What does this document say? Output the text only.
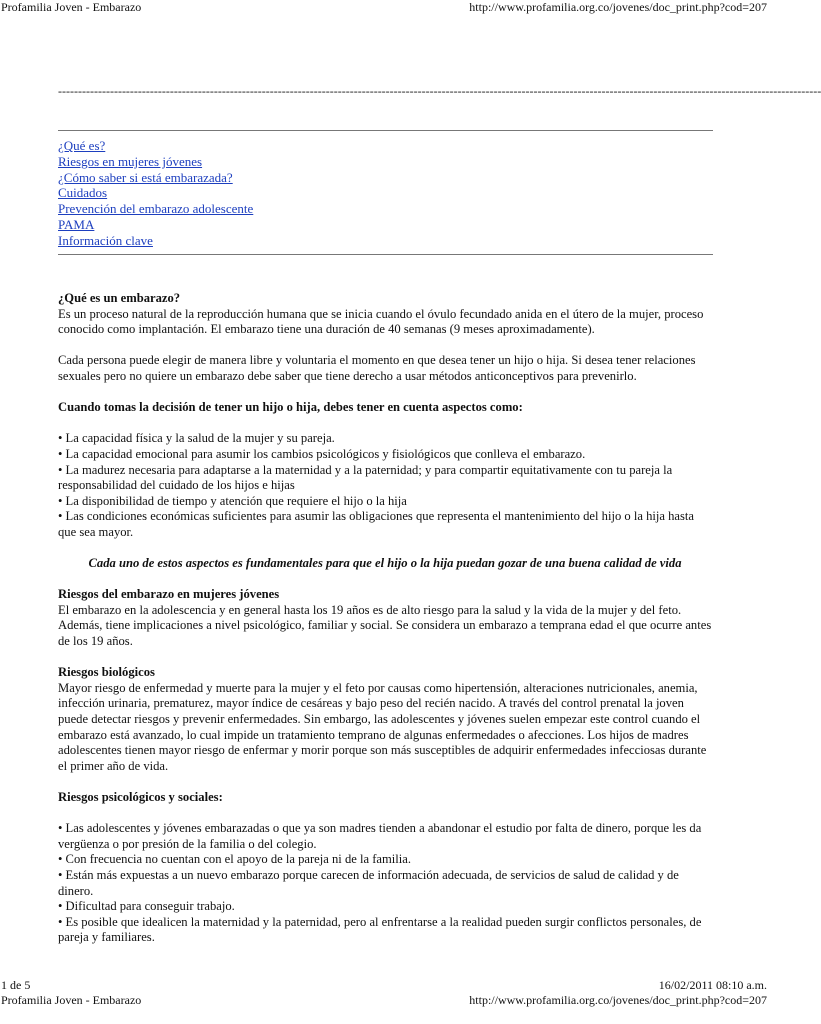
Profamilia Joven - Embarazo	http://www.profamilia.org.co/jovenes/doc_print.php?cod=207
-----------------------------------------------------------------------------------------------------------------------------------------------------------------------------------------------
¿Qué es?
Riesgos en mujeres jóvenes
¿Cómo saber si está embarazada?
Cuidados
Prevención del embarazo adolescente
PAMA
Información clave
¿Qué es un embarazo?

Es un proceso natural de la reproducción humana que se inicia cuando el óvulo fecundado anida en el útero de la mujer, proceso conocido como implantación. El embarazo tiene una duración de 40 semanas (9 meses aproximadamente).

Cada persona puede elegir de manera libre y voluntaria el momento en que desea tener un hijo o hija. Si desea tener relaciones sexuales pero no quiere un embarazo debe saber que tiene derecho a usar métodos anticonceptivos para prevenirlo.

Cuando tomas la decisión de tener un hijo o hija, debes tener en cuenta aspectos como:
• La capacidad física y la salud de la mujer y su pareja.
• La capacidad emocional para asumir los cambios psicológicos y fisiológicos que conlleva el embarazo.
• La madurez necesaria para adaptarse a la maternidad y a la paternidad; y para compartir equitativamente con tu pareja la responsabilidad del cuidado de los hijos e hijas
• La disponibilidad de tiempo y atención que requiere el hijo o la hija
• Las condiciones económicas suficientes para asumir las obligaciones que representa el mantenimiento del hijo o la hija hasta que sea mayor.

Cada uno de estos aspectos es fundamentales para que el hijo o la hija puedan gozar de una buena calidad de vida

Riesgos del embarazo en mujeres jóvenes

El embarazo en la adolescencia y en general hasta los 19 años es de alto riesgo para la salud y la vida de la mujer y del feto. Además, tiene implicaciones a nivel psicológico, familiar y social. Se considera un embarazo a temprana edad el que ocurre antes de los 19 años.

Riesgos biológicos

Mayor riesgo de enfermedad y muerte para la mujer y el feto por causas como hipertensión, alteraciones nutricionales, anemia, infección urinaria, prematurez, mayor índice de cesáreas y bajo peso del recién nacido. A través del control prenatal la joven puede detectar riesgos y prevenir enfermedades. Sin embargo, las adolescentes y jóvenes suelen empezar este control cuando el embarazo está avanzado, lo cual impide un tratamiento temprano de algunas enfermedades o afecciones. Los hijos de madres adolescentes tienen mayor riesgo de enfermar y morir porque son más susceptibles de adquirir enfermedades infecciosas durante el primer año de vida.

Riesgos psicológicos y sociales:
• Las adolescentes y jóvenes embarazadas o que ya son madres tienden a abandonar el estudio por falta de dinero, porque les da vergüenza o por presión de la familia o del colegio.
• Con frecuencia no cuentan con el apoyo de la pareja ni de la familia.
• Están más expuestas a un nuevo embarazo porque carecen de información adecuada, de servicios de salud de calidad y de dinero.
• Dificultad para conseguir trabajo.
• Es posible que idealicen la maternidad y la paternidad, pero al enfrentarse a la realidad pueden surgir conflictos personales, de pareja y familiares.
1 de 5	16/02/2011 08:10 a.m.
Profamilia Joven - Embarazo	http://www.profamilia.org.co/jovenes/doc_print.php?cod=207
